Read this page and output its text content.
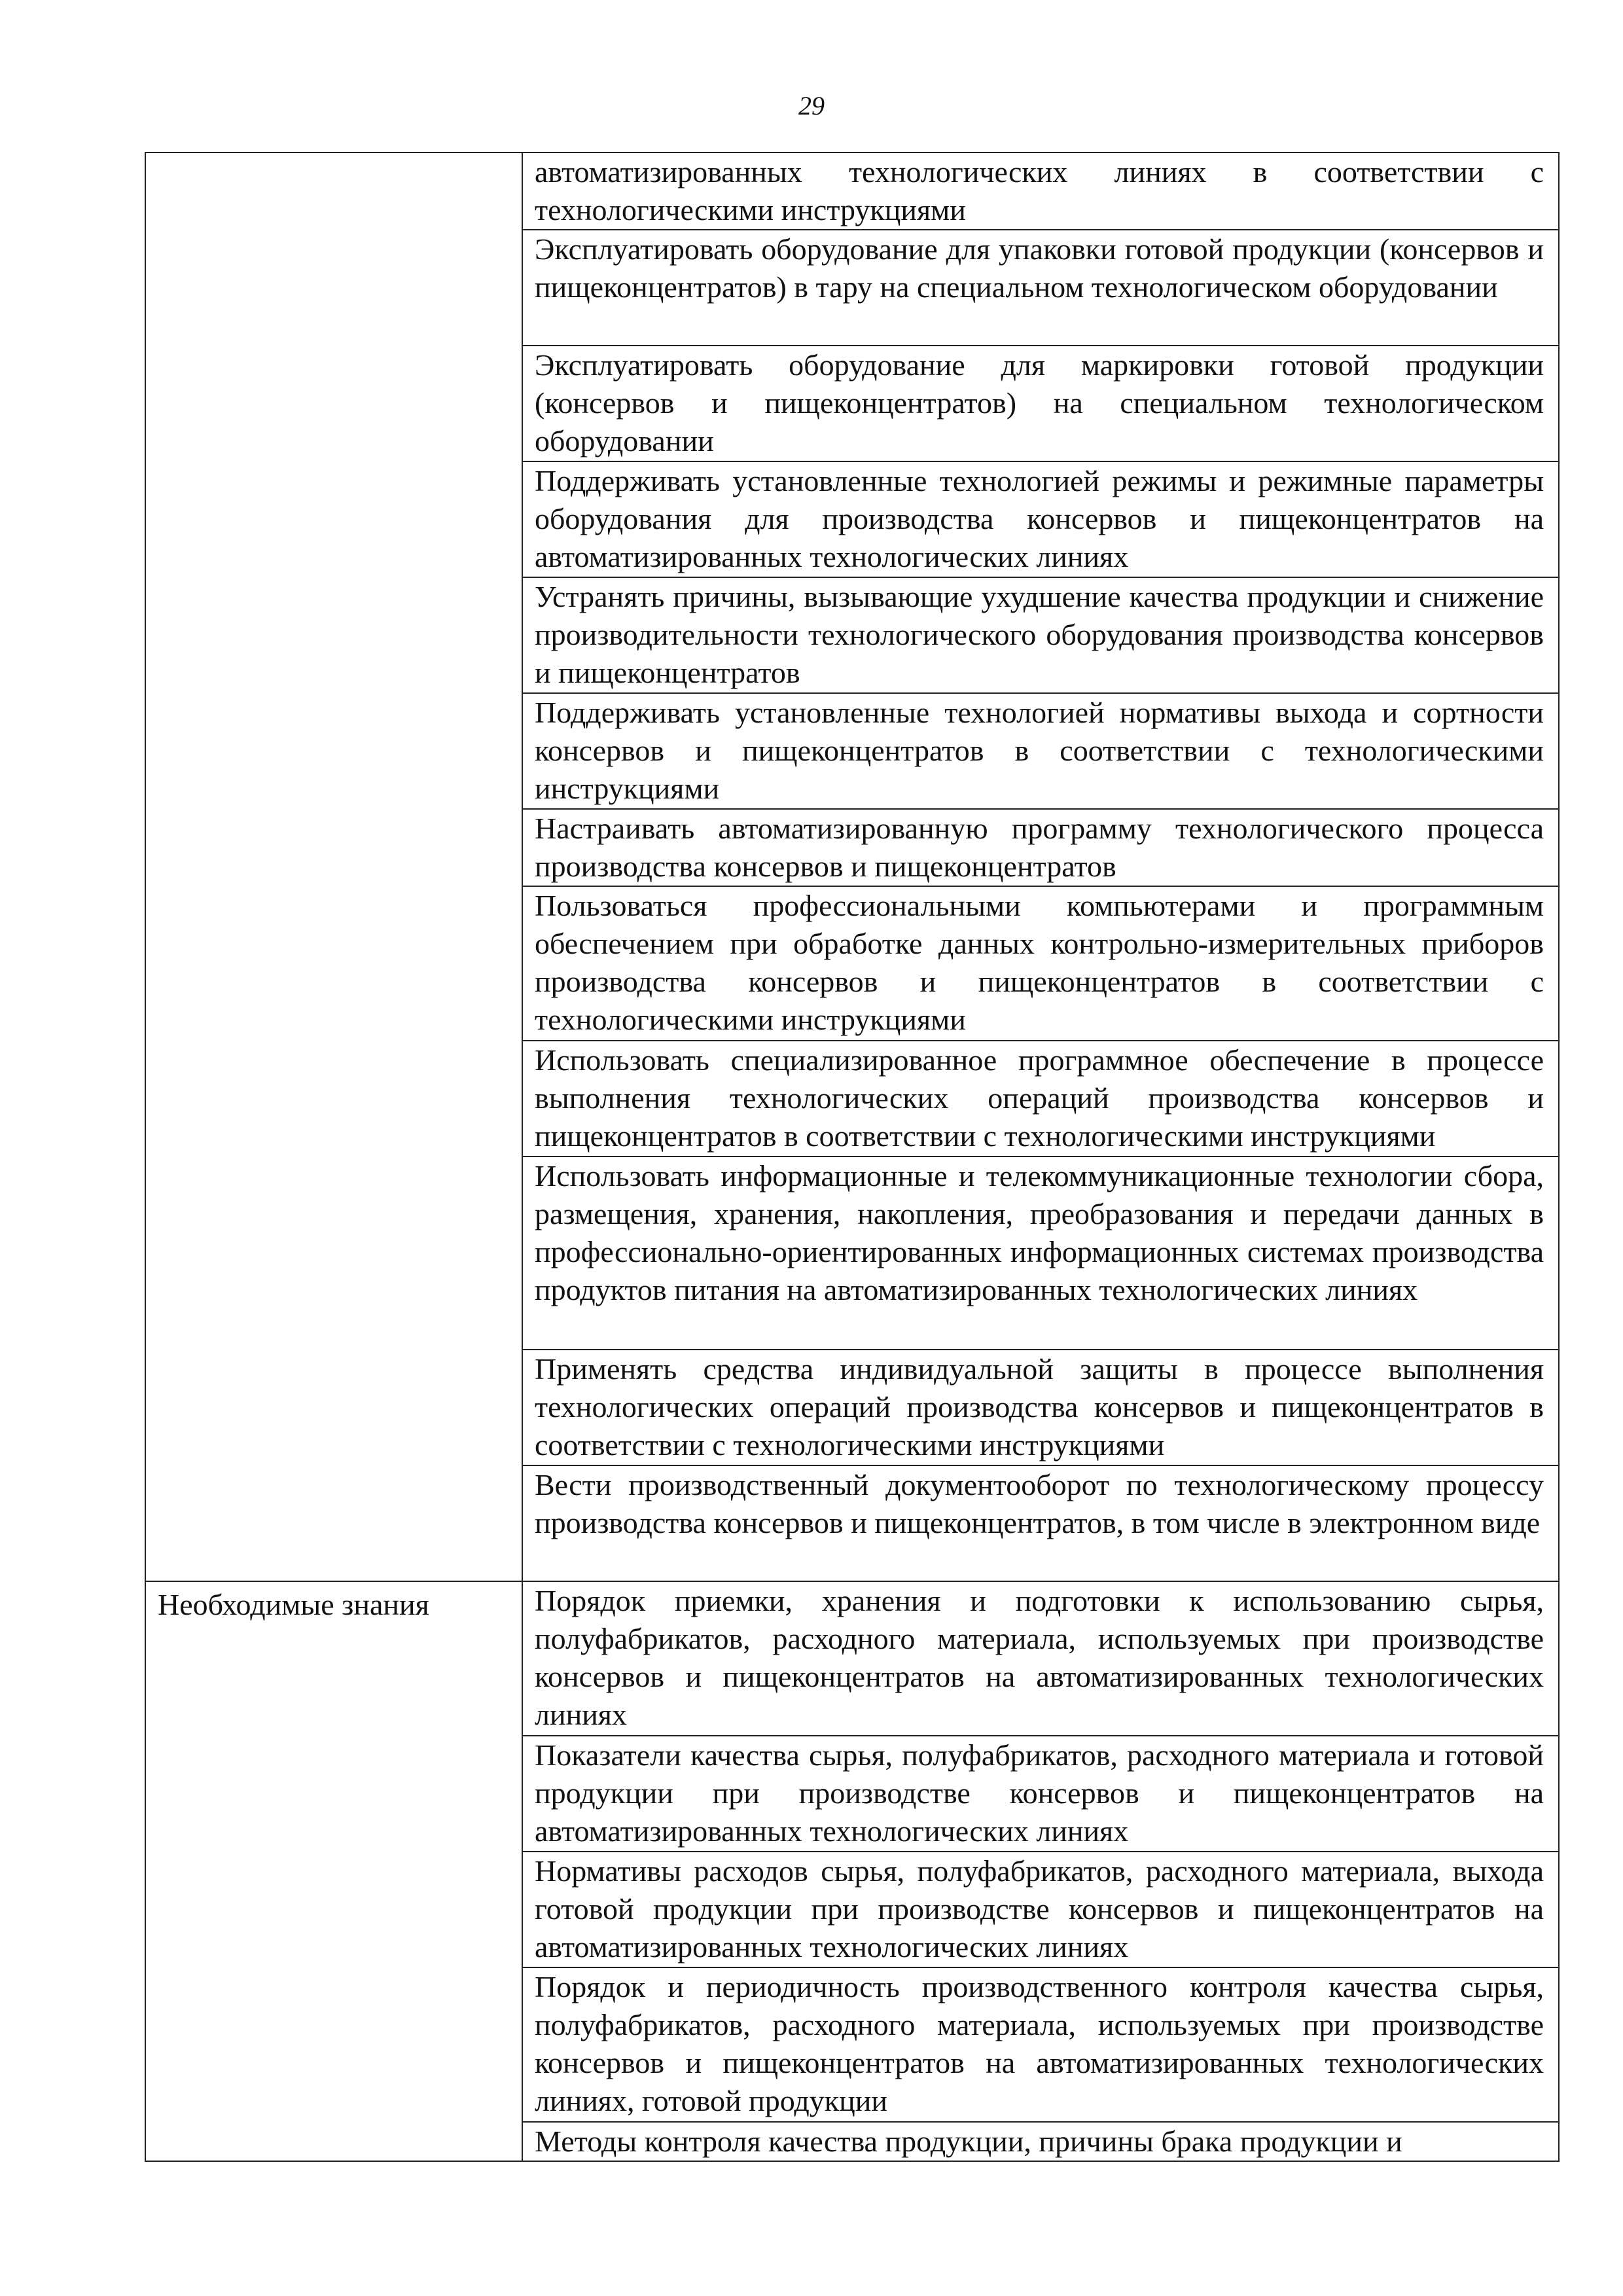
29
	автоматизированных технологических линиях в соответствии с технологическими инструкциями
	Эксплуатировать оборудование для упаковки готовой продукции (консервов и пищеконцентратов) в тару на специальном технологическом оборудовании
	Эксплуатировать оборудование для маркировки готовой продукции (консервов и пищеконцентратов) на специальном технологическом оборудовании
	Поддерживать установленные технологией режимы и режимные параметры оборудования для производства консервов и пищеконцентратов на автоматизированных технологических линиях
	Устранять причины, вызывающие ухудшение качества продукции и снижение производительности технологического оборудования производства консервов и пищеконцентратов
	Поддерживать установленные технологией нормативы выхода и сортности консервов и пищеконцентратов в соответствии с технологическими инструкциями
	Настраивать автоматизированную программу технологического процесса производства консервов и пищеконцентратов
	Пользоваться профессиональными компьютерами и программным обеспечением при обработке данных контрольно-измерительных приборов производства консервов и пищеконцентратов в соответствии с технологическими инструкциями
	Использовать специализированное программное обеспечение в процессе выполнения технологических операций производства консервов и пищеконцентратов в соответствии с технологическими инструкциями
	Использовать информационные и телекоммуникационные технологии сбора, размещения, хранения, накопления, преобразования и передачи данных в профессионально-ориентированных информационных системах производства продуктов питания на автоматизированных технологических линиях
	Применять средства индивидуальной защиты в процессе выполнения технологических операций производства консервов и пищеконцентратов в соответствии с технологическими инструкциями
	Вести производственный документооборот по технологическому процессу производства консервов и пищеконцентратов, в том числе в электронном виде
Необходимые знания	Порядок приемки, хранения и подготовки к использованию сырья, полуфабрикатов, расходного материала, используемых при производстве консервов и пищеконцентратов на автоматизированных технологических линиях
	Показатели качества сырья, полуфабрикатов, расходного материала и готовой продукции при производстве консервов и пищеконцентратов на автоматизированных технологических линиях
	Нормативы расходов сырья, полуфабрикатов, расходного материала, выхода готовой продукции при производстве консервов и пищеконцентратов на автоматизированных технологических линиях
	Порядок и периодичность производственного контроля качества сырья, полуфабрикатов, расходного материала, используемых при производстве консервов и пищеконцентратов на автоматизированных технологических линиях, готовой продукции
	Методы контроля качества продукции, причины брака продукции и
